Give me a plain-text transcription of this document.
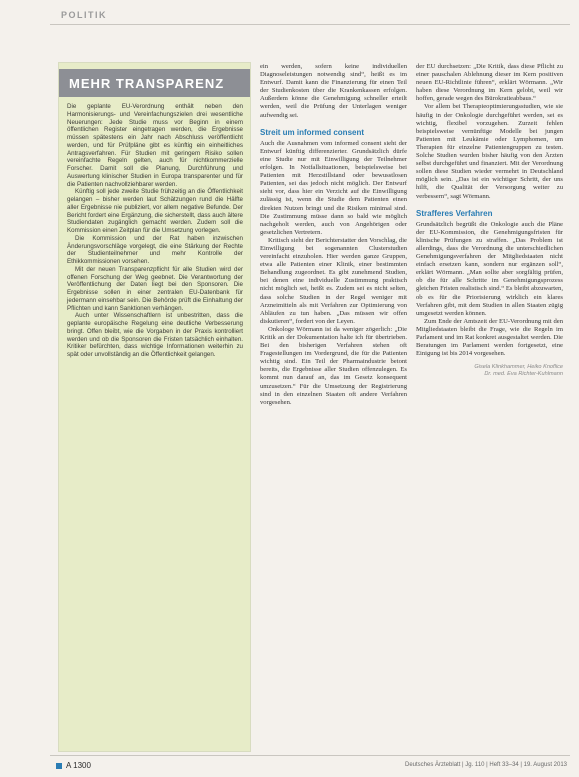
POLITIK
MEHR TRANSPARENZ

Die geplante EU-Verordnung enthält neben den Harmonisierungs- und Vereinfachungszielen drei wesentliche Neuerungen: Jede Studie muss vor Beginn in einem öffentlichen Register eingetragen werden, die Ergebnisse müssen spätestens ein Jahr nach Abschluss veröffentlicht werden, und für Prüfpläne gibt es künftig ein einheitliches Antragsverfahren. Für Studien mit geringem Risiko sollen vereinfachte Regeln gelten, auch für nichtkommerzielle Forscher. Damit soll die Planung, Durchführung und Auswertung klinischer Studien in Europa transparenter und für die Patienten nachvollziehbarer werden.

Künftig soll jede zweite Studie frühzeitig an die Öffentlichkeit gelangen – bisher werden laut Schätzungen rund die Hälfte aller Ergebnisse nie publiziert, vor allem negative Befunde. Der Bericht fordert eine Ergänzung, die sicherstellt, dass auch ältere Studiendaten zugänglich gemacht werden. Zudem soll die Kommission einen Zeitplan für die Umsetzung vorlegen.

Die Kommission und der Rat haben inzwischen Änderungsvorschläge vorgelegt, die eine Stärkung der Rechte der Studienteilnehmer und mehr Kontrolle der Ethikkommissionen vorsehen.

Mit der neuen Transparenzpflicht für alle Studien wird der offenen Forschung der Weg geebnet. Die Verantwortung der Veröffentlichung der Daten liegt bei den Sponsoren. Die Ergebnisse sollen in einer zentralen EU-Datenbank für jedermann einsehbar sein. Die Behörde prüft die Einhaltung der Pflichten und kann Sanktionen verhängen.

Auch unter Wissenschaftlern ist unbestritten, dass die geplante europäische Regelung eine deutliche Verbesserung bringt. Offen bleibt, wie die Vorgaben in der Praxis kontrolliert werden und ob die Sponsoren die Fristen tatsächlich einhalten. Kritiker befürchten, dass wichtige Informationen weiterhin zu spät oder unvollständig an die Öffentlichkeit gelangen.

ein werden, sofern keine individuellen Diagnoseleistungen notwendig sind“, heißt es im Entwurf. Damit kann die Finanzierung für einen Teil der Studienkosten über die Krankenkassen erfolgen. Außerdem könne die Genehmigung schneller erteilt werden, weil die Prüfung der Unterlagen weniger aufwendig sei.

Streit um informed consent

Auch die Ausnahmen vom informed consent sieht der Entwurf künftig differenzierter. Grundsätzlich dürfe eine Studie nur mit Einwilligung der Teilnehmer erfolgen. In Notfallsituationen, beispielsweise bei Patienten mit Herzstillstand oder bewusstlosen Patienten, sei das jedoch nicht möglich. Der Entwurf sieht vor, dass hier ein Verzicht auf die Einwilligung zulässig ist, wenn die Studie dem Patienten einen direkten Nutzen bringt und die Risiken minimal sind. Die Zustimmung müsse dann so bald wie möglich nachgeholt werden, auch von Angehörigen oder gesetzlichen Vertretern.

Kritisch sieht der Berichterstatter den Vorschlag, die Einwilligung bei sogenannten Clusterstudien vereinfacht einzuholen. Hier werden ganze Gruppen, etwa alle Patienten einer Klinik, einer bestimmten Behandlung zugeordnet. Es gibt zunehmend Studien, bei denen eine individuelle Zustimmung praktisch nicht möglich sei, heißt es. Zudem sei es nicht selten, dass solche Studien in der Regel weniger mit Arzneimitteln als mit Verfahren zur Optimierung von Abläufen zu tun haben. „Das müssen wir offen diskutieren“, fordert von der Leyen.

Onkologe Wörmann ist da weniger zögerlich: „Die Kritik an der Dokumentation halte ich für übertrieben. Bei den bisherigen Verfahren stehen oft Fragestellungen im Vordergrund, die für die Patienten wichtig sind. Ein Teil der Pharmaindustrie betont bereits, die Ergebnisse aller Studien offenzulegen. Es kommt nun darauf an, das im Gesetz konsequent umzusetzen.“ Für die Umsetzung der Registrierung sind in den einzelnen Staaten oft andere Verfahren vorgesehen.

der EU durchsetzen: „Die Kritik, dass diese Pflicht zu einer pauschalen Ablehnung dieser im Kern positiven neuen EU-Richtlinie führen“, erklärt Wörmann. „Wir haben diese Verordnung im Kern gelobt, weil wir hoffen, gerade wegen des Bürokratieabbaus.“

Vor allem bei Therapieoptimierungsstudien, wie sie häufig in der Onkologie durchgeführt werden, sei es wichtig, flexibel vorzugehen. Zurzeit fehlen beispielsweise vernünftige Modelle bei jungen Patienten mit Leukämie oder Lymphomen, um Therapien für einzelne Patientengruppen zu testen. Solche Studien wurden bisher häufig von den Ärzten selbst durchgeführt und finanziert. Mit der Verordnung sollen diese Studien wieder vermehrt in Deutschland möglich sein. „Das ist ein wichtiger Schritt, der uns hilft, die Qualität der Versorgung weiter zu verbessern“, sagt Wörmann.

Strafferes Verfahren

Grundsätzlich begrüßt die Onkologie auch die Pläne der EU-Kommission, die Genehmigungsfristen für klinische Prüfungen zu straffen. „Das Problem ist allerdings, dass die Verordnung die unterschiedlichen Genehmigungsverfahren der Mitgliedstaaten nicht einfach ersetzen kann, sondern nur ergänzen soll“, erklärt Wörmann. „Man sollte aber sorgfältig prüfen, ob die für alle Schritte im Genehmigungsprozess gleichen Fristen realistisch sind.“ Es bleibt abzuwarten, ob es für die Priorisierung wirklich ein klares Verfahren gibt, mit dem Studien in allen Staaten zügig umgesetzt werden können.

Zum Ende der Amtszeit der EU-Verordnung mit den Mitgliedstaaten bleibt die Frage, wie die Regeln im Parlament und im Rat konkret ausgestaltet werden. Die Beratungen im Parlament werden fortgesetzt, eine Einigung ist bis 2014 vorgesehen.

Gisela Klinkhammer, Heiko Knoflice
Dr. med. Eva Richter-Kuhlmann
A 1300	Deutsches Ärzteblatt | Jg. 110 | Heft 33–34 | 19. August 2013
